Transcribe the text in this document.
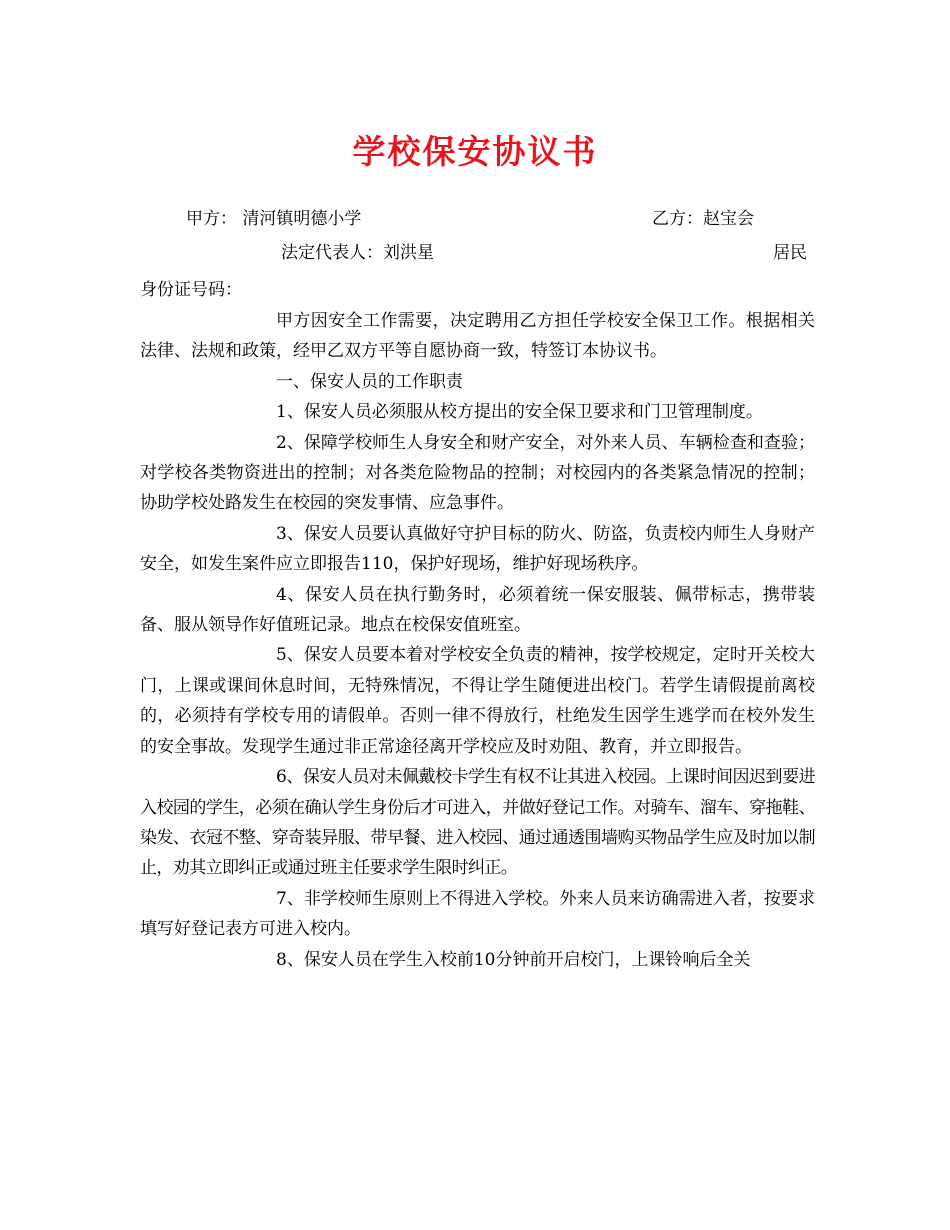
学校保安协议书
甲方： 清河镇明德小学	乙方：赵宝会
法定代表人：刘洪星	居民
身份证号码：

甲方因安全工作需要，决定聘用乙方担任学校安全保卫工作。根据相关法律、法规和政策，经甲乙双方平等自愿协商一致，特签订本协议书。

一、保安人员的工作职责

1、保安人员必须服从校方提出的安全保卫要求和门卫管理制度。

2、保障学校师生人身安全和财产安全，对外来人员、车辆检查和查验；对学校各类物资进出的控制；对各类危险物品的控制；对校园内的各类紧急情况的控制；协助学校处路发生在校园的突发事情、应急事件。

3、保安人员要认真做好守护目标的防火、防盗，负责校内师生人身财产安全，如发生案件应立即报告110，保护好现场，维护好现场秩序。

4、保安人员在执行勤务时，必须着统一保安服装、佩带标志，携带装备、服从领导作好值班记录。地点在校保安值班室。

5、保安人员要本着对学校安全负责的精神，按学校规定，定时开关校大门，上课或课间休息时间，无特殊情况，不得让学生随便进出校门。若学生请假提前离校的，必须持有学校专用的请假单。否则一律不得放行，杜绝发生因学生逃学而在校外发生的安全事故。发现学生通过非正常途径离开学校应及时劝阻、教育，并立即报告。

6、保安人员对未佩戴校卡学生有权不让其进入校园。上课时间因迟到要进入校园的学生，必须在确认学生身份后才可进入，并做好登记工作。对骑车、溜车、穿拖鞋、染发、衣冠不整、穿奇装异服、带早餐、进入校园、通过通透围墙购买物品学生应及时加以制止，劝其立即纠正或通过班主任要求学生限时纠正。

7、非学校师生原则上不得进入学校。外来人员来访确需进入者，按要求填写好登记表方可进入校内。

8、保安人员在学生入校前10分钟前开启校门，上课铃响后全关
